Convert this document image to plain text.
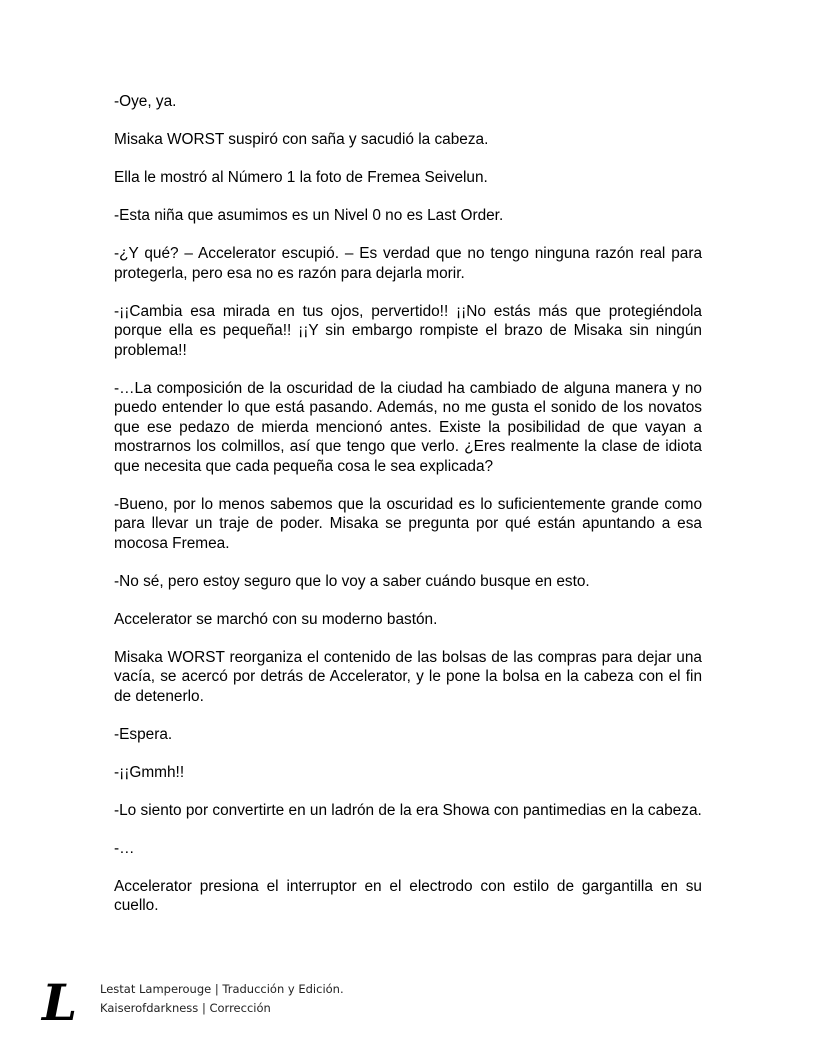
-Oye, ya.

Misaka WORST suspiró con saña y sacudió la cabeza.

Ella le mostró al Número 1 la foto de Fremea Seivelun.

-Esta niña que asumimos es un Nivel 0 no es Last Order.

-¿Y qué? – Accelerator escupió. – Es verdad que no tengo ninguna razón real para protegerla, pero esa no es razón para dejarla morir.

-¡¡Cambia esa mirada en tus ojos, pervertido!! ¡¡No estás más que protegiéndola porque ella es pequeña!! ¡¡Y sin embargo rompiste el brazo de Misaka sin ningún problema!!

-…La composición de la oscuridad de la ciudad ha cambiado de alguna manera y no puedo entender lo que está pasando. Además, no me gusta el sonido de los novatos que ese pedazo de mierda mencionó antes. Existe la posibilidad de que vayan a mostrarnos los colmillos, así que tengo que verlo. ¿Eres realmente la clase de idiota que necesita que cada pequeña cosa le sea explicada?

-Bueno, por lo menos sabemos que la oscuridad es lo suficientemente grande como para llevar un traje de poder. Misaka se pregunta por qué están apuntando a esa mocosa Fremea.

-No sé, pero estoy seguro que lo voy a saber cuándo busque en esto.

Accelerator se marchó con su moderno bastón.

Misaka WORST reorganiza el contenido de las bolsas de las compras para dejar una vacía, se acercó por detrás de Accelerator, y le pone la bolsa en la cabeza con el fin de detenerlo.

-Espera.

-¡¡Gmmh!!

-Lo siento por convertirte en un ladrón de la era Showa con pantimedias en la cabeza.

-…

Accelerator presiona el interruptor en el electrodo con estilo de gargantilla en su cuello.

L Lestat Lamperouge | Traducción y Edición.
Kaiserofdarkness | Corrección
